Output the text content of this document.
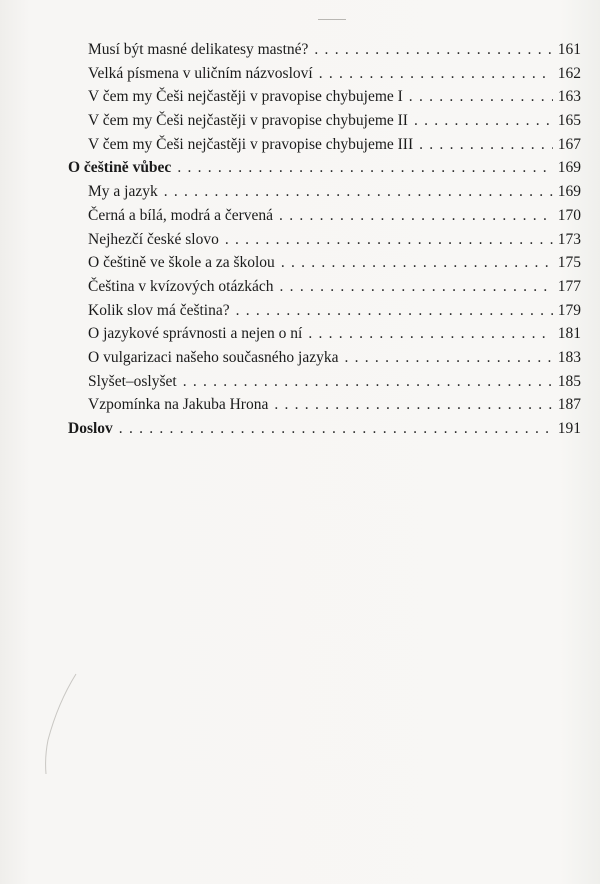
Musí být masné delikatesy mastné? . . .	161
Velká písmena v uličním názvosloví . . .	162
V čem my Češi nejčastěji v pravopise chybujeme I . . .	163
V čem my Češi nejčastěji v pravopise chybujeme II . . .	165
V čem my Češi nejčastěji v pravopise chybujeme III . . .	167
O češtině vůbec . . .	169
My a jazyk . . .	169
Černá a bílá, modrá a červená . . .	170
Nejhezčí české slovo . . .	173
O češtině ve škole a za školou . . .	175
Čeština v kvízových otázkách . . .	177
Kolik slov má čeština? . . .	179
O jazykové správnosti a nejen o ní . . .	181
O vulgarizaci našeho současného jazyka . . .	183
Slyšet–oslyšet . . .	185
Vzpomínka na Jakuba Hrona . . .	187
Doslov . . .	191
